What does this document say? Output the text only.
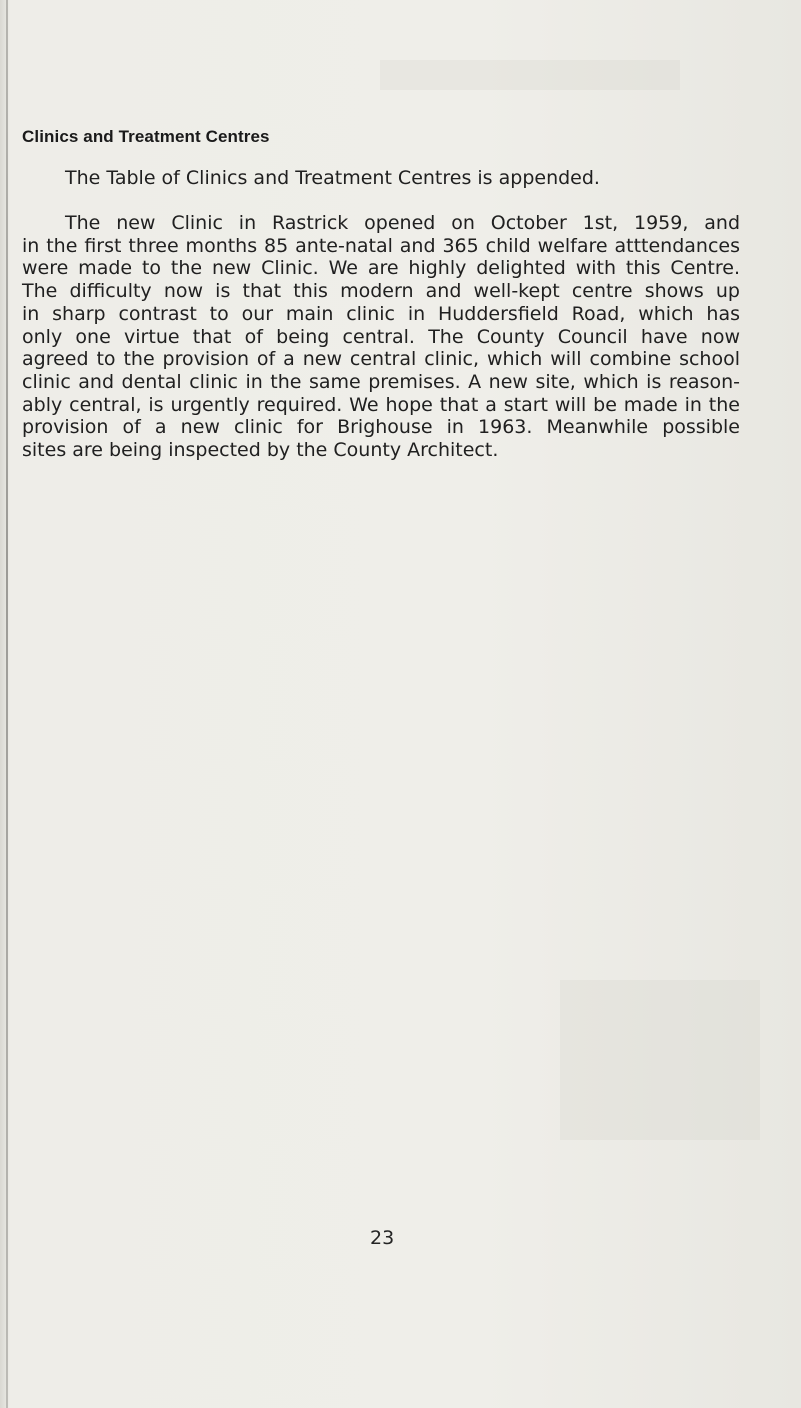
Clinics and Treatment Centres
The Table of Clinics and Treatment Centres is appended.
The new Clinic in Rastrick opened on October 1st, 1959, and
in the first three months 85 ante-natal and 365 child welfare atttendances
were made to the new Clinic. We are highly delighted with this Centre.
The difficulty now is that this modern and well-kept centre shows up
in sharp contrast to our main clinic in Huddersfield Road, which has
only one virtue that of being central. The County Council have now
agreed to the provision of a new central clinic, which will combine school
clinic and dental clinic in the same premises. A new site, which is reason-
ably central, is urgently required. We hope that a start will be made in the
provision of a new clinic for Brighouse in 1963. Meanwhile possible
sites are being inspected by the County Architect.
23
